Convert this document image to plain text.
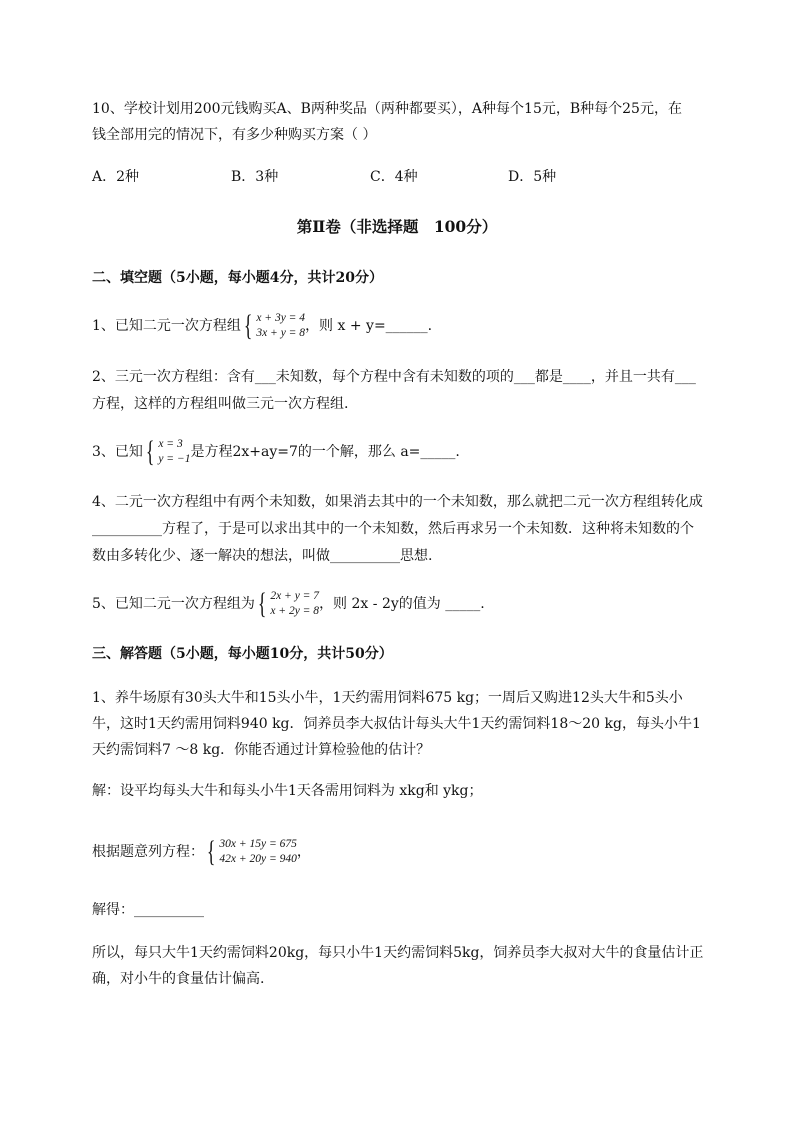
10、学校计划用200元钱购买A、B两种奖品（两种都要买），A种每个15元，B种每个25元，在
钱全部用完的情况下，有多少种购买方案（ ）
A．2种	B．3种	C．4种	D．5种
第Ⅱ卷（非选择题　100分）
二、填空题（5小题，每小题4分，共计20分）
1、已知二元一次方程组 { x + 3y = 4
3x + y = 8 ，则 x + y=______.
2、三元一次方程组：含有___未知数，每个方程中含有未知数的项的___都是____，并且一共有___
方程，这样的方程组叫做三元一次方程组.
3、已知 { x = 3
y = −1 是方程2x+ay=7的一个解，那么 a=_____.
4、二元一次方程组中有两个未知数，如果消去其中的一个未知数，那么就把二元一次方程组转化成
__________方程了，于是可以求出其中的一个未知数，然后再求另一个未知数．这种将未知数的个
数由多转化少、逐一解决的想法，叫做__________思想.
5、已知二元一次方程组为 { 2x + y = 7
x + 2y = 8 ，则 2x - 2y的值为 _____.
三、解答题（5小题，每小题10分，共计50分）
1、养牛场原有30头大牛和15头小牛，1天约需用饲料675 kg；一周后又购进12头大牛和5头小
牛，这时1天约需用饲料940 kg．饲养员李大叔估计每头大牛1天约需饲料18～20 kg，每头小牛1
天约需饲料7 ～8 kg．你能否通过计算检验他的估计？
解：设平均每头大牛和每头小牛1天各需用饲料为 xkg和 ykg；
根据题意列方程： { 30x + 15y = 675
42x + 20y = 940 ，
解得：__________
所以，每只大牛1天约需饲料20kg，每只小牛1天约需饲料5kg，饲养员李大叔对大牛的食量估计正
确，对小牛的食量估计偏高.
